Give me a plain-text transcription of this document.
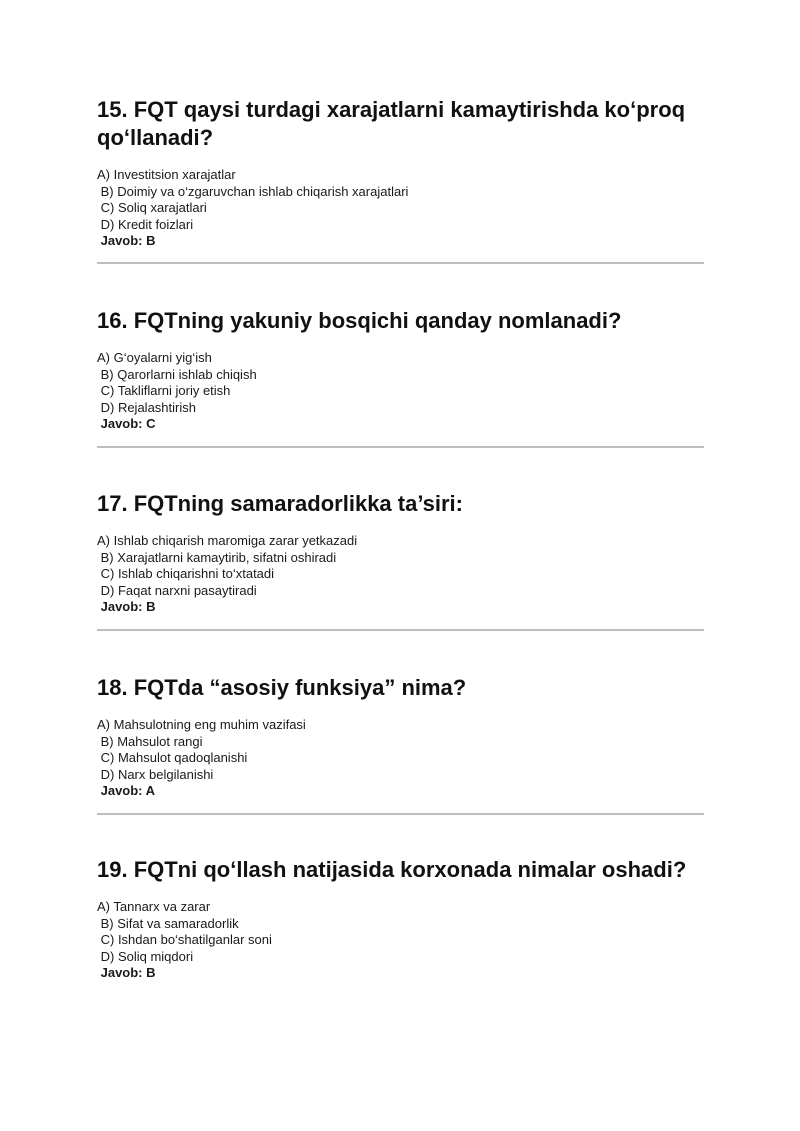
15. FQT qaysi turdagi xarajatlarni kamaytirishda ko‘proq qo‘llanadi?
A) Investitsion xarajatlar
B) Doimiy va o‘zgaruvchan ishlab chiqarish xarajatlari
C) Soliq xarajatlari
D) Kredit foizlari
Javob: B
16. FQTning yakuniy bosqichi qanday nomlanadi?
A) G‘oyalarni yig‘ish
B) Qarorlarni ishlab chiqish
C) Takliflarni joriy etish
D) Rejalashtirish
Javob: C
17. FQTning samaradorlikka ta’siri:
A) Ishlab chiqarish maromiga zarar yetkazadi
B) Xarajatlarni kamaytirib, sifatni oshiradi
C) Ishlab chiqarishni to‘xtatadi
D) Faqat narxni pasaytiradi
Javob: B
18. FQTda “asosiy funksiya” nima?
A) Mahsulotning eng muhim vazifasi
B) Mahsulot rangi
C) Mahsulot qadoqlanishi
D) Narx belgilanishi
Javob: A
19. FQTni qo‘llash natijasida korxonada nimalar oshadi?
A) Tannarx va zarar
B) Sifat va samaradorlik
C) Ishdan bo‘shatilganlar soni
D) Soliq miqdori
Javob: B
